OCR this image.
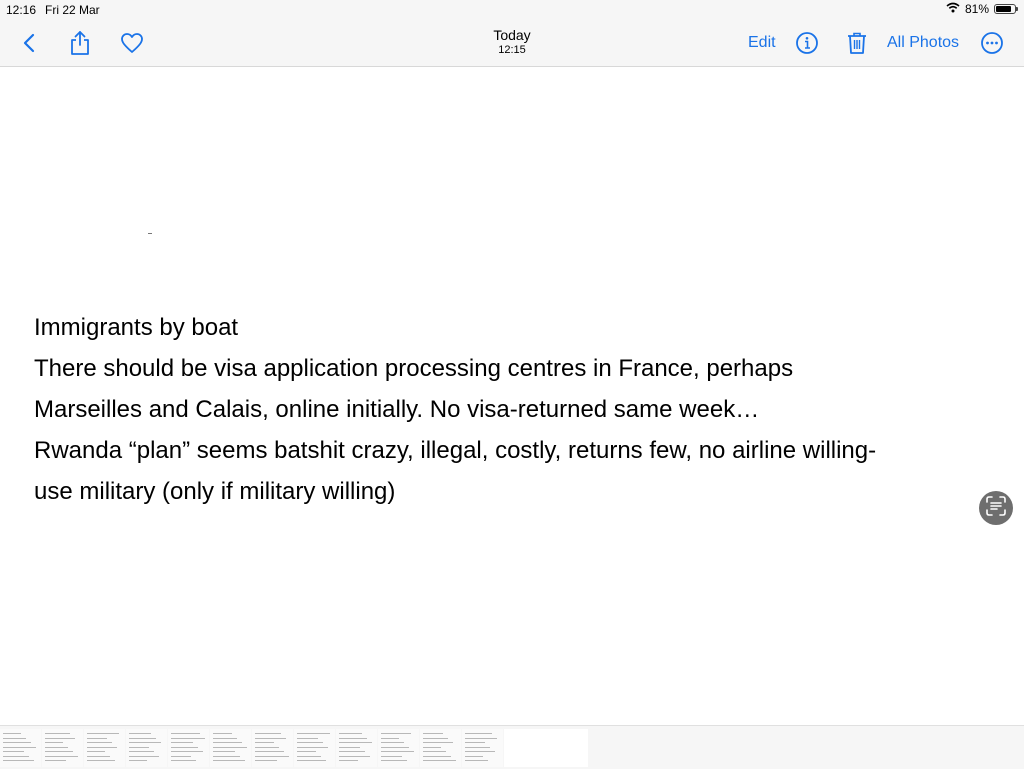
12:16 Fri 22 Mar	81%
Today
12:15	Edit	All Photos
Immigrants by boat
There should be visa application processing centres in France, perhaps
Marseilles and Calais, online initially. No visa-returned same week…
Rwanda “plan” seems batshit crazy, illegal, costly, returns few, no airline willing-
use military (only if military willing)
